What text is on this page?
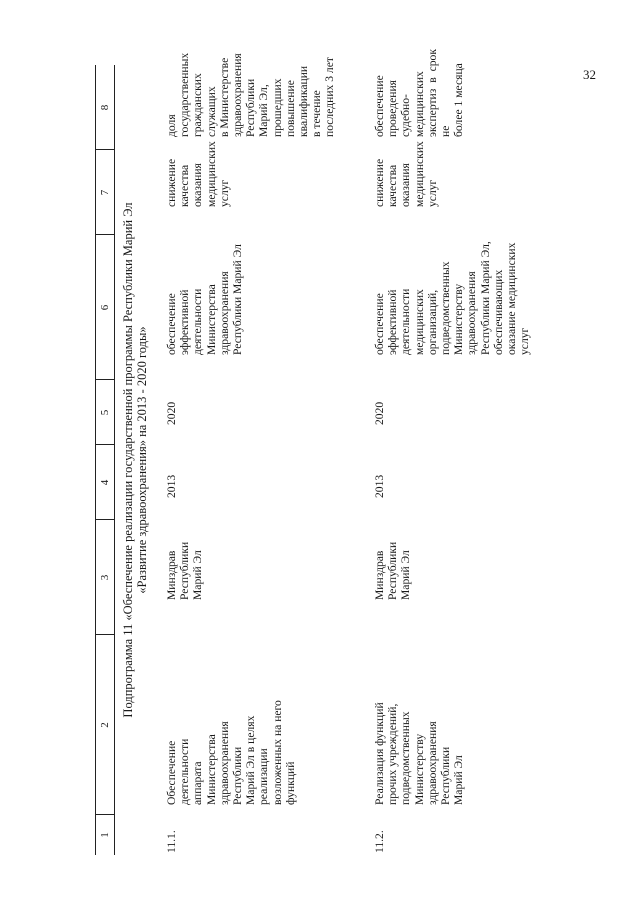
32
1
2
3
4
5
6
7
8
Подпрограмма 11 «Обеспечение реализации государственной программы Республики Марий Эл «Развитие здравоохранения» на 2013 - 2020 годы»
11.1.
Обеспечение
деятельности
аппарата
Министерства
здравоохранения
Республики
Марий Эл в целях
реализации
возложенных на него
функций
Минздрав
Республики
Марий Эл
2013
2020
обеспечение
эффективной
деятельности
Министерства
здравоохранения
Республики Марий Эл
снижение
качества
оказания
медицинских
услуг
доля
государственных
гражданских
служащих
в Министерстве
здравоохранения
Республики
Марий Эл,
прошедших
повышение
квалификации
в течение
последних 3 лет
11.2.
Реализация функций
прочих учреждений,
подведомственных
Министерству
здравоохранения
Республики
Марий Эл
Минздрав
Республики
Марий Эл
2013
2020
обеспечение
эффективной
деятельности
медицинских
организаций,
подведомственных
Министерству
здравоохранения
Республики Марий Эл,
обеспечивающих
оказание медицинских
услуг
снижение
качества
оказания
медицинских
услуг
обеспечение
проведения
судебно-
медицинских
экспертиз в срок не
более 1 месяца
